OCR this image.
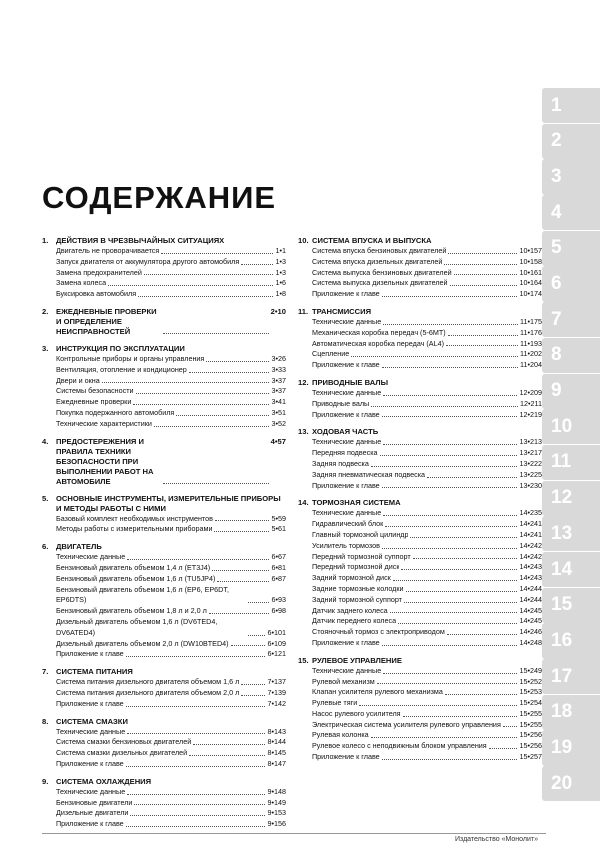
СОДЕРЖАНИЕ
1.	ДЕЙСТВИЯ В ЧРЕЗВЫЧАЙНЫХ СИТУАЦИЯХ
Двигатель не проворачивается	1•1
Запуск двигателя от аккумулятора другого автомобиля	1•3
Замена предохранителей	1•3
Замена колеса	1•6
Буксировка автомобиля	1•8
2.	ЕЖЕДНЕВНЫЕ ПРОВЕРКИ И ОПРЕДЕЛЕНИЕ НЕИСПРАВНОСТЕЙ
2•10
3.	ИНСТРУКЦИЯ ПО ЭКСПЛУАТАЦИИ
Контрольные приборы и органы управления	3•26
Вентиляция, отопление и кондиционер	3•33
Двери и окна	3•37
Системы безопасности	3•37
Ежедневные проверки	3•41
Покупка подержанного автомобиля	3•51
Технические характеристики	3•52
4.	ПРЕДОСТЕРЕЖЕНИЯ И ПРАВИЛА ТЕХНИКИ БЕЗОПАСНОСТИ ПРИ ВЫПОЛНЕНИИ РАБОТ НА АВТОМОБИЛЕ
4•57
5.	ОСНОВНЫЕ ИНСТРУМЕНТЫ, ИЗМЕРИТЕЛЬНЫЕ ПРИБОРЫ И МЕТОДЫ РАБОТЫ С НИМИ
Базовый комплект необходимых инструментов	5•59
Методы работы с измерительными приборами	5•61
6.	ДВИГАТЕЛЬ
Технические данные	6•67
Бензиновый двигатель объемом 1,4 л (ET3J4)	6•81
Бензиновый двигатель объемом 1,6 л (TU5JP4)	6•87
Бензиновый двигатель объемом 1,6 л (EP6, EP6DT, EP6DTS)	6•93
Бензиновый двигатель объемом 1,8 л и 2,0 л	6•98
Дизельный двигатель объемом 1,6 л (DV6TED4, DV6ATED4)	6•101
Дизельный двигатель объемом 2,0 л (DW10BTED4)	6•109
Приложение к главе	6•121
7.	СИСТЕМА ПИТАНИЯ
Система питания дизельного двигателя объемом 1,6 л	7•137
Система питания дизельного двигателя объемом 2,0 л	7•139
Приложение к главе	7•142
8.	СИСТЕМА СМАЗКИ
Технические данные	8•143
Система смазки бензиновых двигателей	8•144
Система смазки дизельных двигателей	8•145
Приложение к главе	8•147
9.	СИСТЕМА ОХЛАЖДЕНИЯ
Технические данные	9•148
Бензиновые двигатели	9•149
Дизельные двигатели	9•153
Приложение к главе	9•156
10. СИСТЕМА ВПУСКА И ВЫПУСКА
Система впуска бензиновых двигателей	10•157
Система впуска дизельных двигателей	10•158
Система выпуска бензиновых двигателей	10•161
Система выпуска дизельных двигателей	10•164
Приложение к главе	10•174
11. ТРАНСМИССИЯ
Технические данные	11•175
Механическая коробка передач (5-6МТ)	11•176
Автоматическая коробка передач (AL4)	11•193
Сцепление	11•202
Приложение к главе	11•204
12. ПРИВОДНЫЕ ВАЛЫ
Технические данные	12•209
Приводные валы	12•211
Приложение к главе	12•219
13. ХОДОВАЯ ЧАСТЬ
Технические данные	13•213
Передняя подвеска	13•217
Задняя подвеска	13•222
Задняя пневматическая подвеска	13•225
Приложение к главе	13•230
14. ТОРМОЗНАЯ СИСТЕМА
Технические данные	14•235
Гидравлический блок	14•241
Главный тормозной цилиндр	14•241
Усилитель тормозов	14•242
Передний тормозной суппорт	14•242
Передний тормозной диск	14•243
Задний тормозной диск	14•243
Задние тормозные колодки	14•244
Задний тормозной суппорт	14•244
Датчик заднего колеса	14•245
Датчик переднего колеса	14•245
Стояночный тормоз с электроприводом	14•246
Приложение к главе	14•248
15. РУЛЕВОЕ УПРАВЛЕНИЕ
Технические данные	15•249
Рулевой механизм	15•252
Клапан усилителя рулевого механизма	15•253
Рулевые тяги	15•254
Насос рулевого усилителя	15•255
Электрическая система усилителя рулевого управления	15•255
Рулевая колонка	15•256
Рулевое колесо с неподвижным блоком управления	15•256
Приложение к главе	15•257
1
2
3
4
5
6
7
8
9
10
11
12
13
14
15
16
17
18
19
20
Издательство «Монолит»
